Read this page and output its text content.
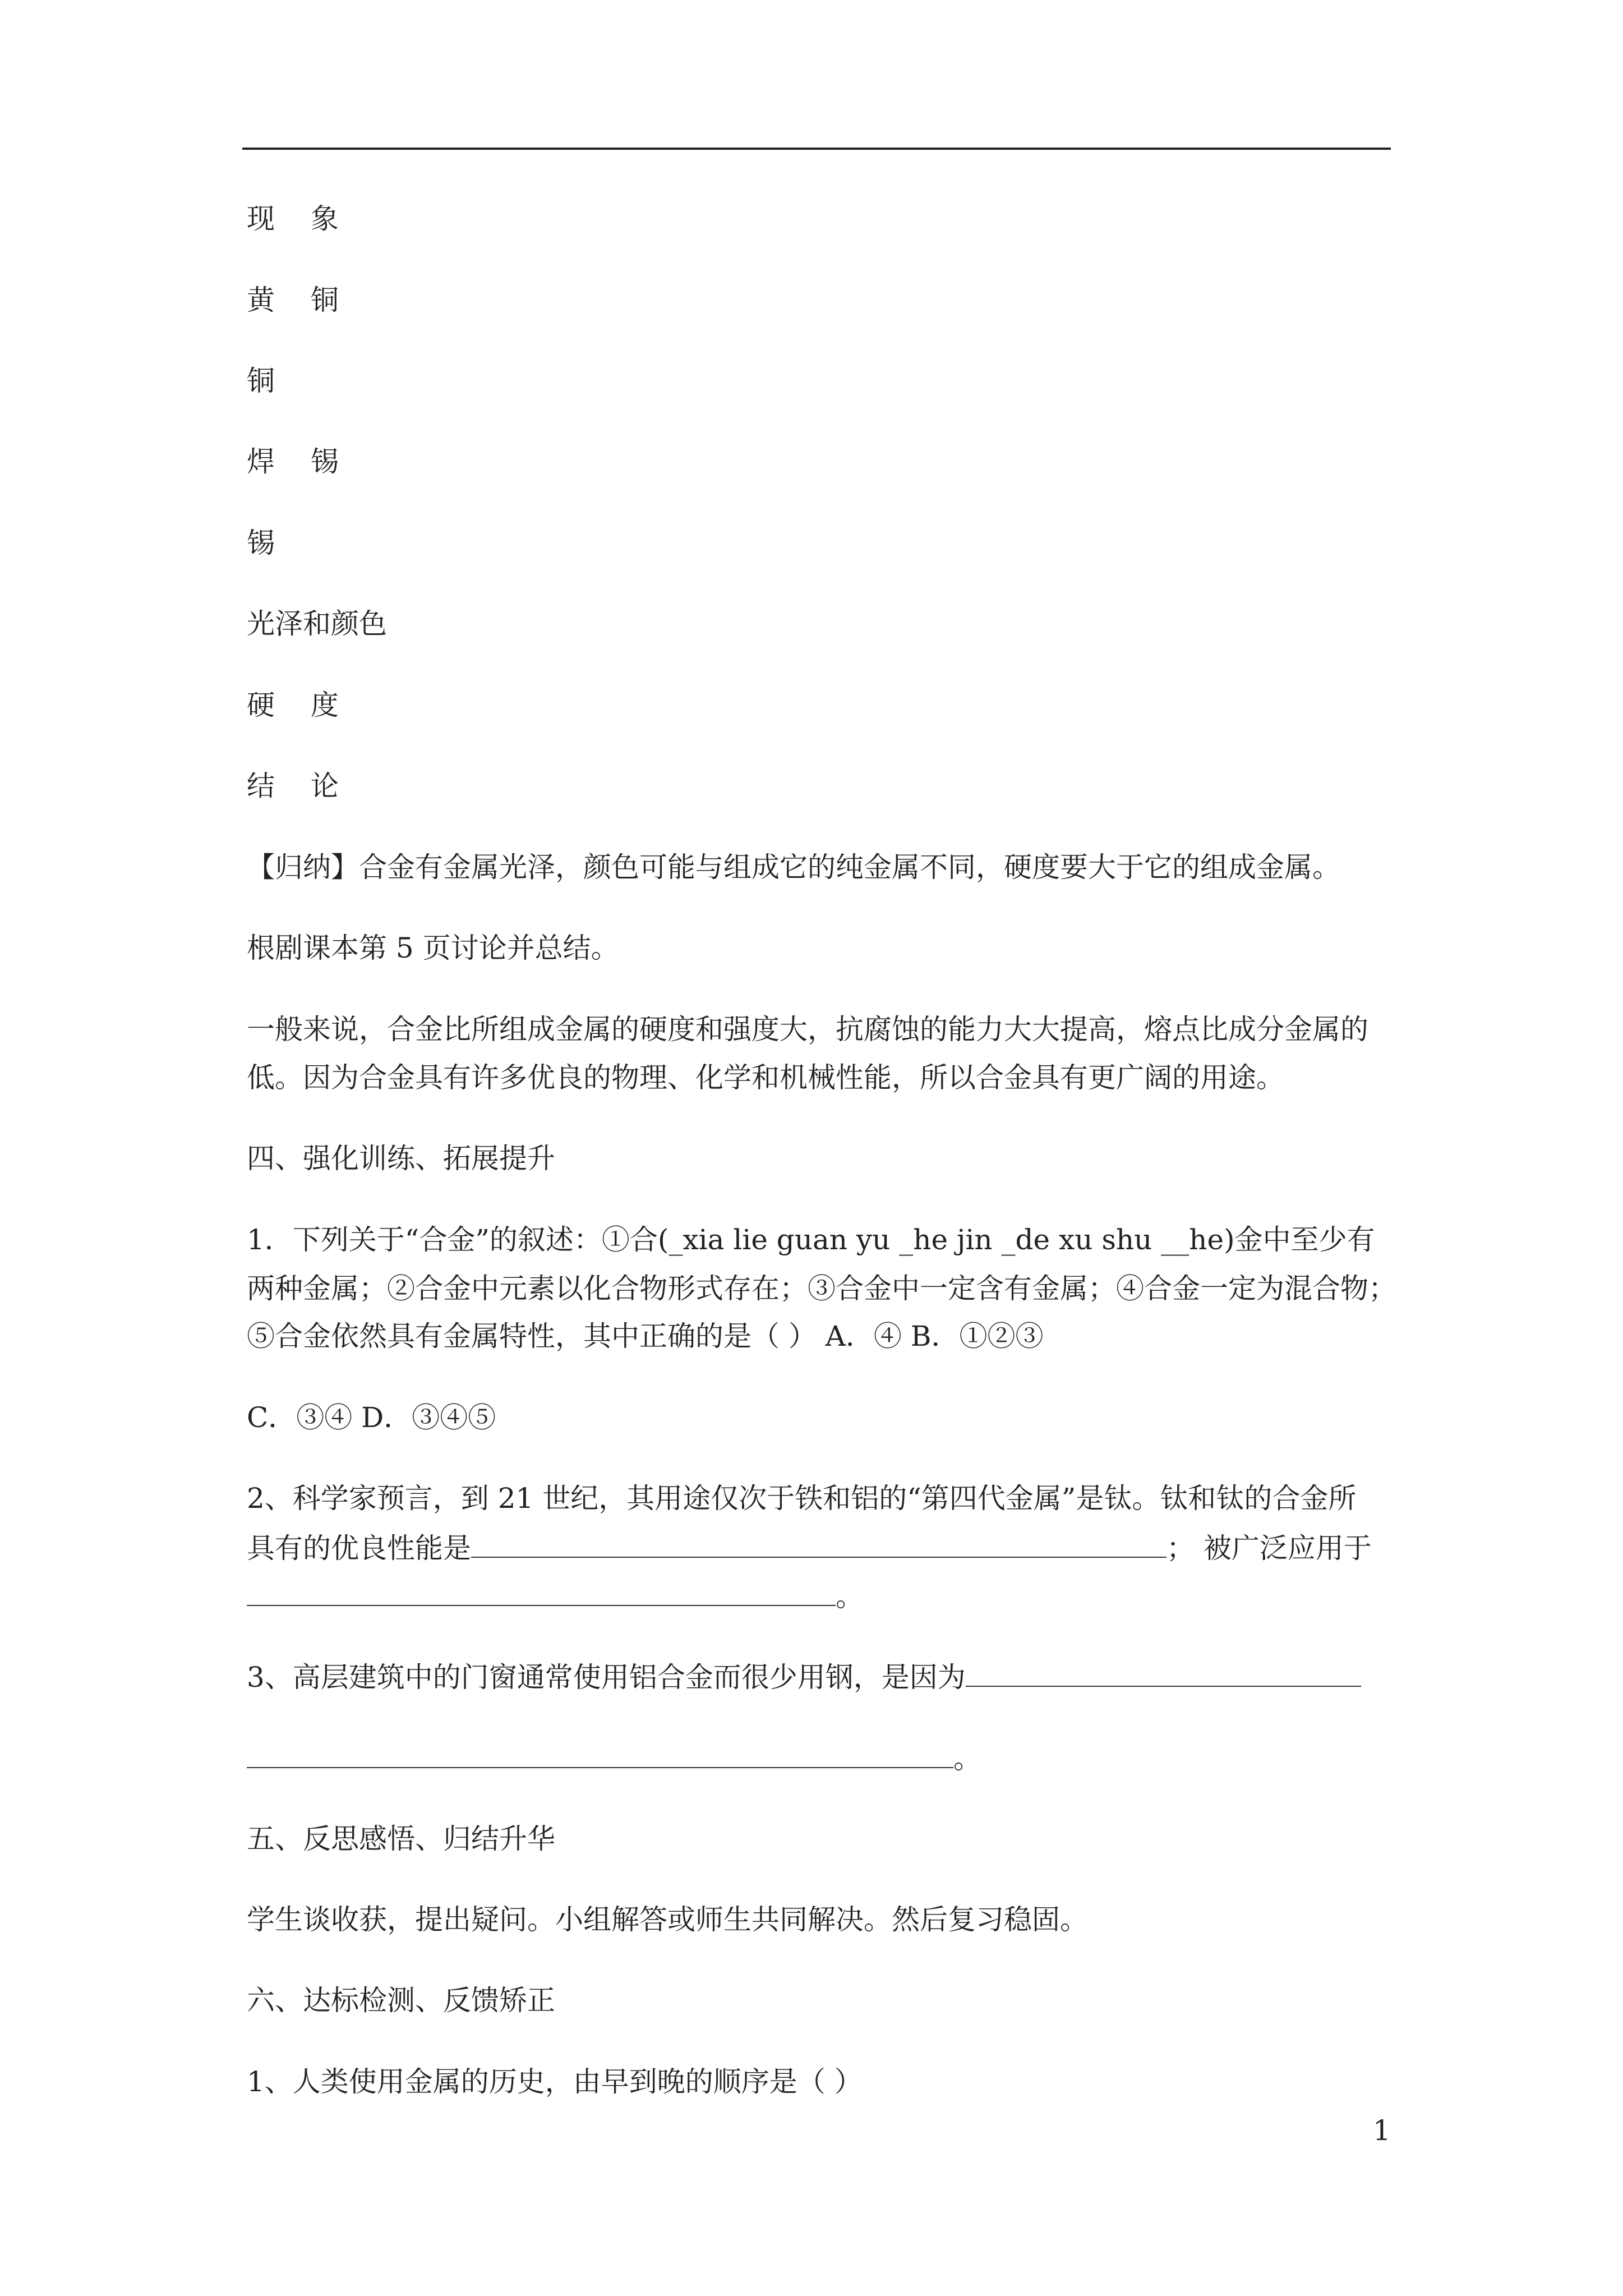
现 象
黄 铜
铜
焊 锡
锡
光泽和颜色
硬 度
结 论
【归纳】合金有金属光泽，颜色可能与组成它的纯金属不同，硬度要大于它的组成金属。
根剧课本第 5 页讨论并总结。
一般来说，合金比所组成金属的硬度和强度大，抗腐蚀的能力大大提高，熔点比成分金属的
低。因为合金具有许多优良的物理、化学和机械性能，所以合金具有更广阔的用途。
四、强化训练、拓展提升
1．下列关于“合金”的叙述：①合(_xia lie guan yu _he jin _de xu shu __he)金中至少有
两种金属；②合金中元素以化合物形式存在；③合金中一定含有金属；④合金一定为混合物；
⑤合金依然具有金属特性，其中正确的是（ ） A．④ B．①②③
C．③④ D．③④⑤
2、科学家预言，到 21 世纪，其用途仅次于铁和铝的“第四代金属”是钛。钛和钛的合金所
具有的优良性能是	； 被广泛应用于
。
3、高层建筑中的门窗通常使用铝合金而很少用钢，是因为
。
五、反思感悟、归结升华
学生谈收获，提出疑问。小组解答或师生共同解决。然后复习稳固。
六、达标检测、反馈矫正
1、人类使用金属的历史，由早到晚的顺序是（ ）
1
